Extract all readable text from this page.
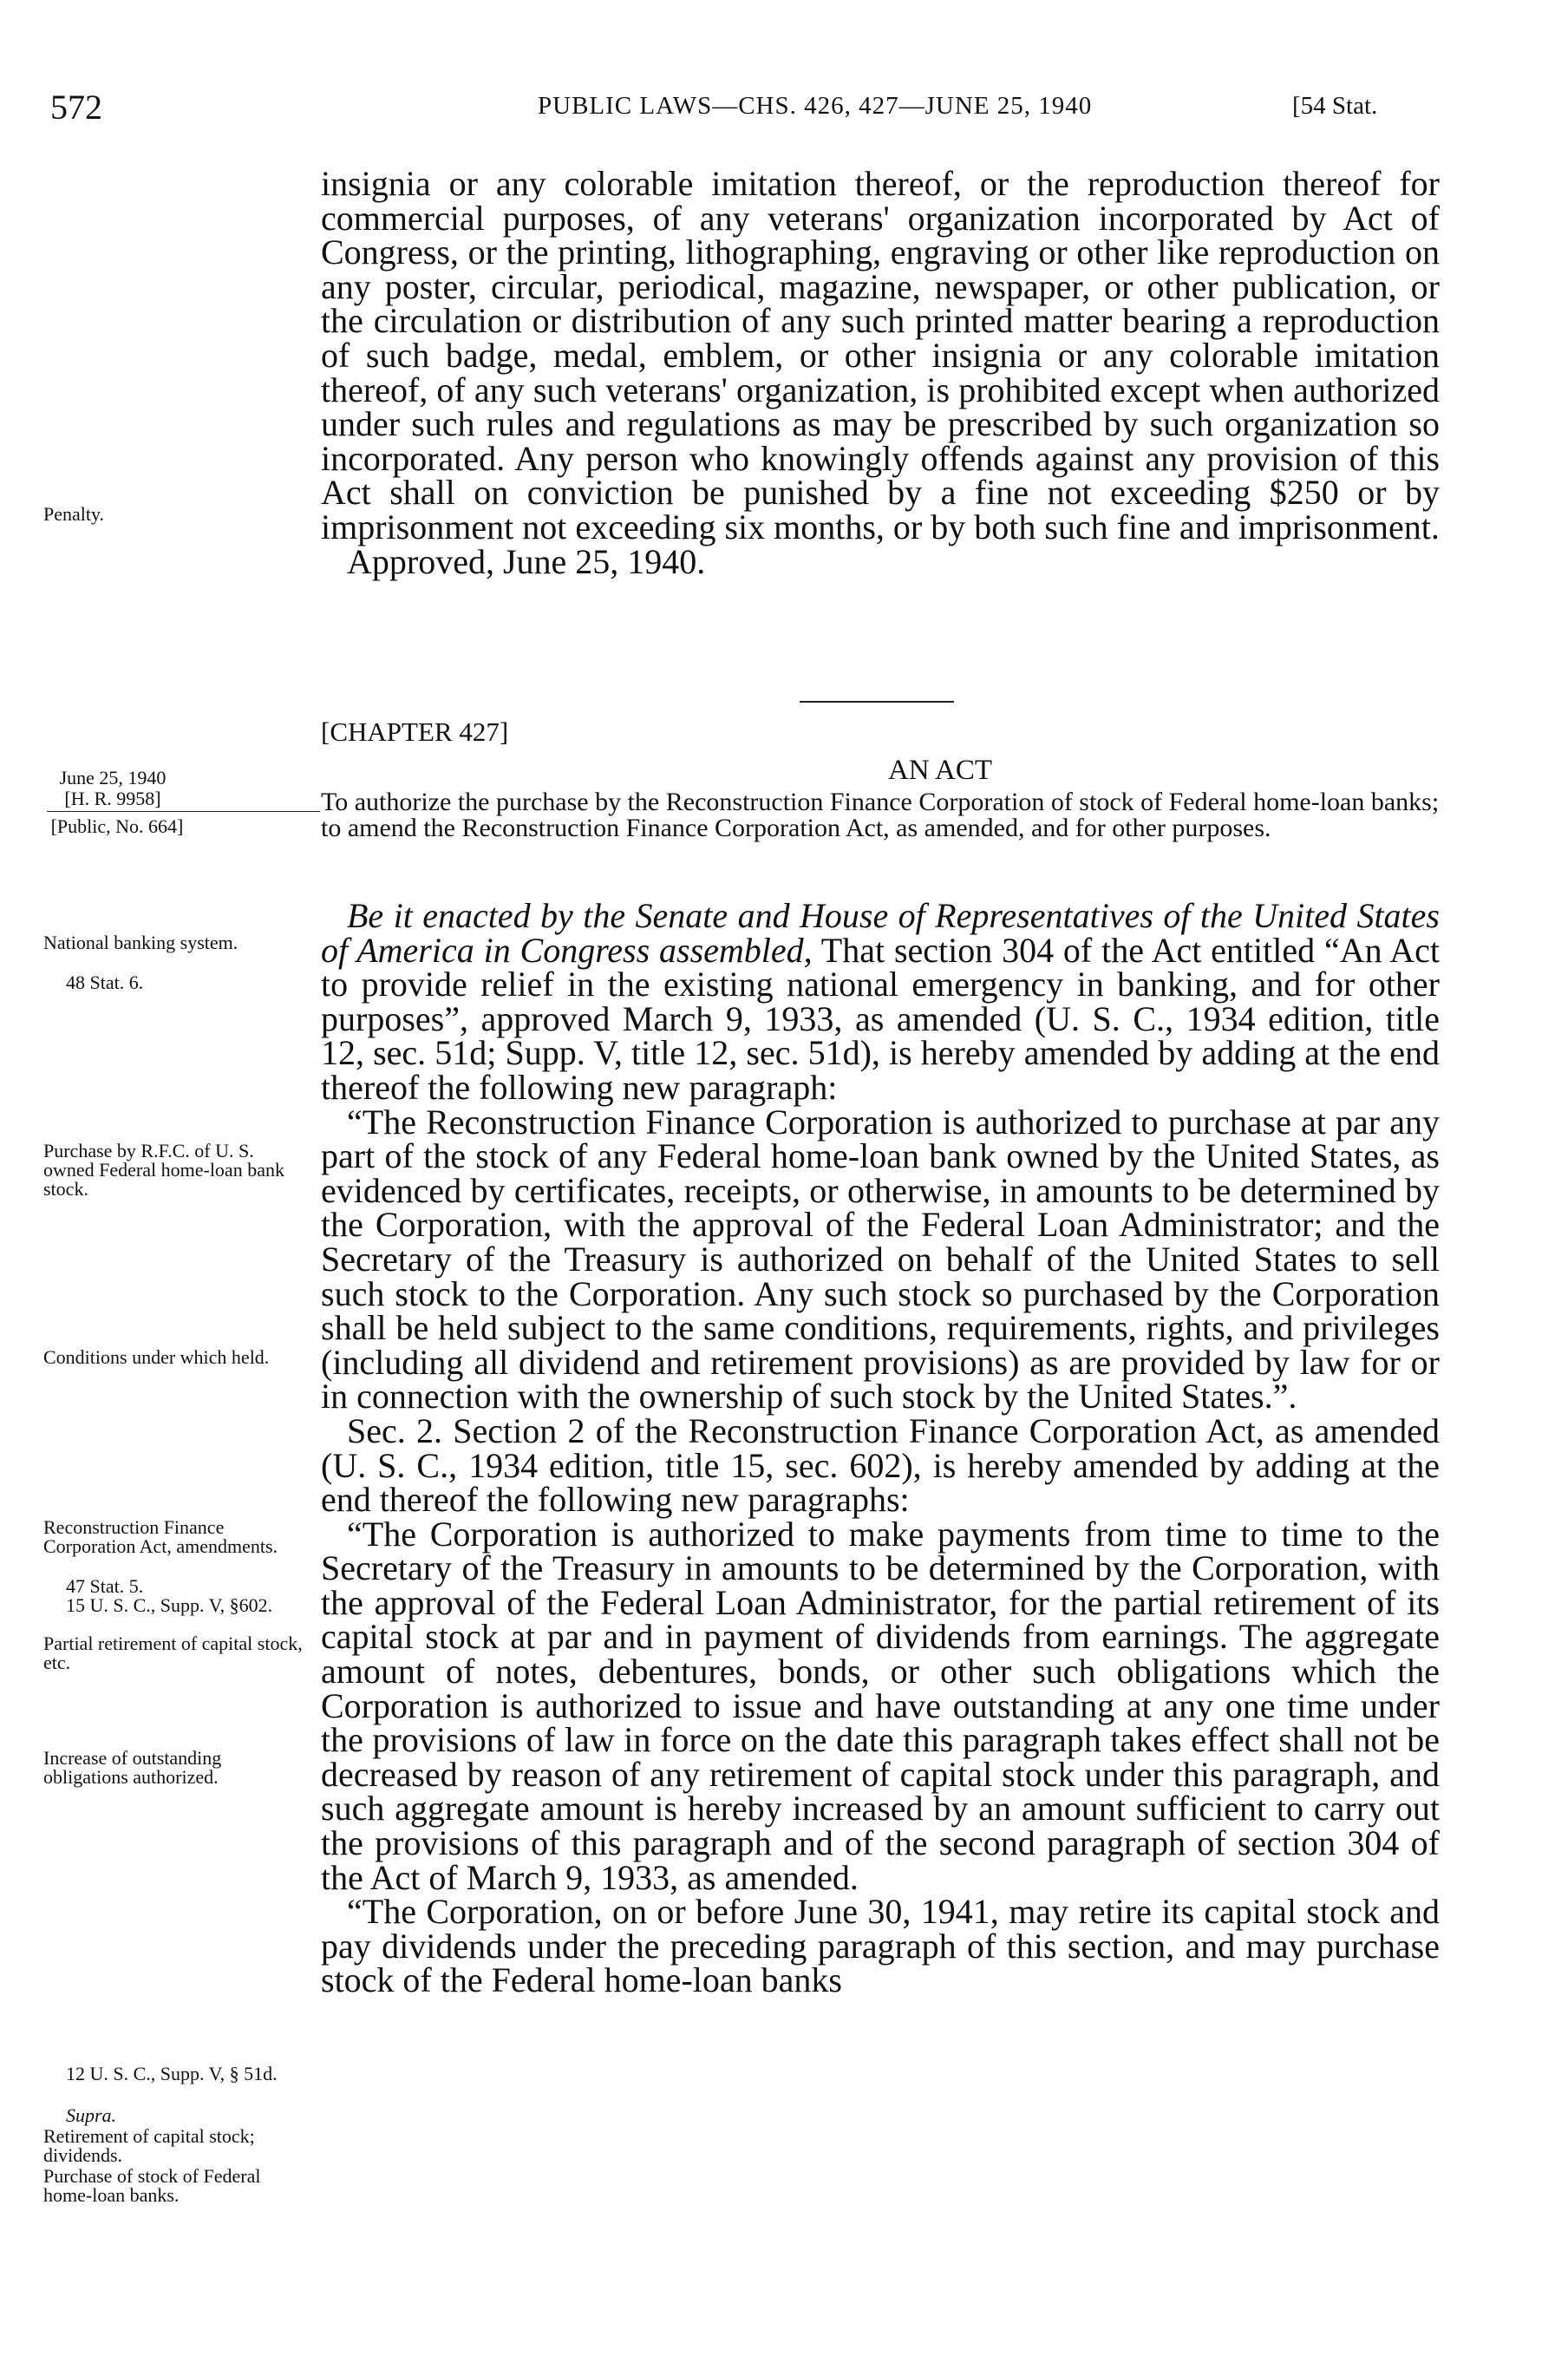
572	PUBLIC LAWS—CHS. 426, 427—JUNE 25, 1940	[54 Stat.

insignia or any colorable imitation thereof, or the reproduction thereof for commercial purposes, of any veterans' organization incorporated by Act of Congress, or the printing, lithographing, engraving or other like reproduction on any poster, circular, periodical, magazine, newspaper, or other publication, or the circulation or distribution of any such printed matter bearing a reproduction of such badge, medal, emblem, or other insignia or any colorable imitation thereof, of any such veterans' organization, is prohibited except when authorized under such rules and regulations as may be prescribed by such organization so incorporated. Any person who knowingly offends against any provision of this Act shall on conviction be punished by a fine not exceeding $250 or by imprisonment not exceeding six months, or by both such fine and imprisonment.

Approved, June 25, 1940.

[CHAPTER 427]
AN ACT
To authorize the purchase by the Reconstruction Finance Corporation of stock of Federal home-loan banks; to amend the Reconstruction Finance Corporation Act, as amended, and for other purposes.

Be it enacted by the Senate and House of Representatives of the United States of America in Congress assembled, That section 304 of the Act entitled “An Act to provide relief in the existing national emergency in banking, and for other purposes”, approved March 9, 1933, as amended (U. S. C., 1934 edition, title 12, sec. 51d; Supp. V, title 12, sec. 51d), is hereby amended by adding at the end thereof the following new paragraph:

“The Reconstruction Finance Corporation is authorized to purchase at par any part of the stock of any Federal home-loan bank owned by the United States, as evidenced by certificates, receipts, or otherwise, in amounts to be determined by the Corporation, with the approval of the Federal Loan Administrator; and the Secretary of the Treasury is authorized on behalf of the United States to sell such stock to the Corporation. Any such stock so purchased by the Corporation shall be held subject to the same conditions, requirements, rights, and privileges (including all dividend and retirement provisions) as are provided by law for or in connection with the ownership of such stock by the United States.”.

Sec. 2. Section 2 of the Reconstruction Finance Corporation Act, as amended (U. S. C., 1934 edition, title 15, sec. 602), is hereby amended by adding at the end thereof the following new paragraphs:

“The Corporation is authorized to make payments from time to time to the Secretary of the Treasury in amounts to be determined by the Corporation, with the approval of the Federal Loan Administrator, for the partial retirement of its capital stock at par and in payment of dividends from earnings. The aggregate amount of notes, debentures, bonds, or other such obligations which the Corporation is authorized to issue and have outstanding at any one time under the provisions of law in force on the date this paragraph takes effect shall not be decreased by reason of any retirement of capital stock under this paragraph, and such aggregate amount is hereby increased by an amount sufficient to carry out the provisions of this paragraph and of the second paragraph of section 304 of the Act of March 9, 1933, as amended.

“The Corporation, on or before June 30, 1941, may retire its capital stock and pay dividends under the preceding paragraph of this section, and may purchase stock of the Federal home-loan banks

Penalty.
June 25, 1940
[H. R. 9958]
[Public, No. 664]
National banking system.
48 Stat. 6.
Purchase by R.F.C. of U. S. owned Federal home-loan bank stock.
Conditions under which held.
Reconstruction Finance Corporation Act, amendments.
47 Stat. 5.
15 U. S. C., Supp. V, §602.
Partial retirement of capital stock, etc.
Increase of outstanding obligations authorized.
12 U. S. C., Supp. V, § 51d.
Supra.
Retirement of capital stock; dividends.
Purchase of stock of Federal home-loan banks.
